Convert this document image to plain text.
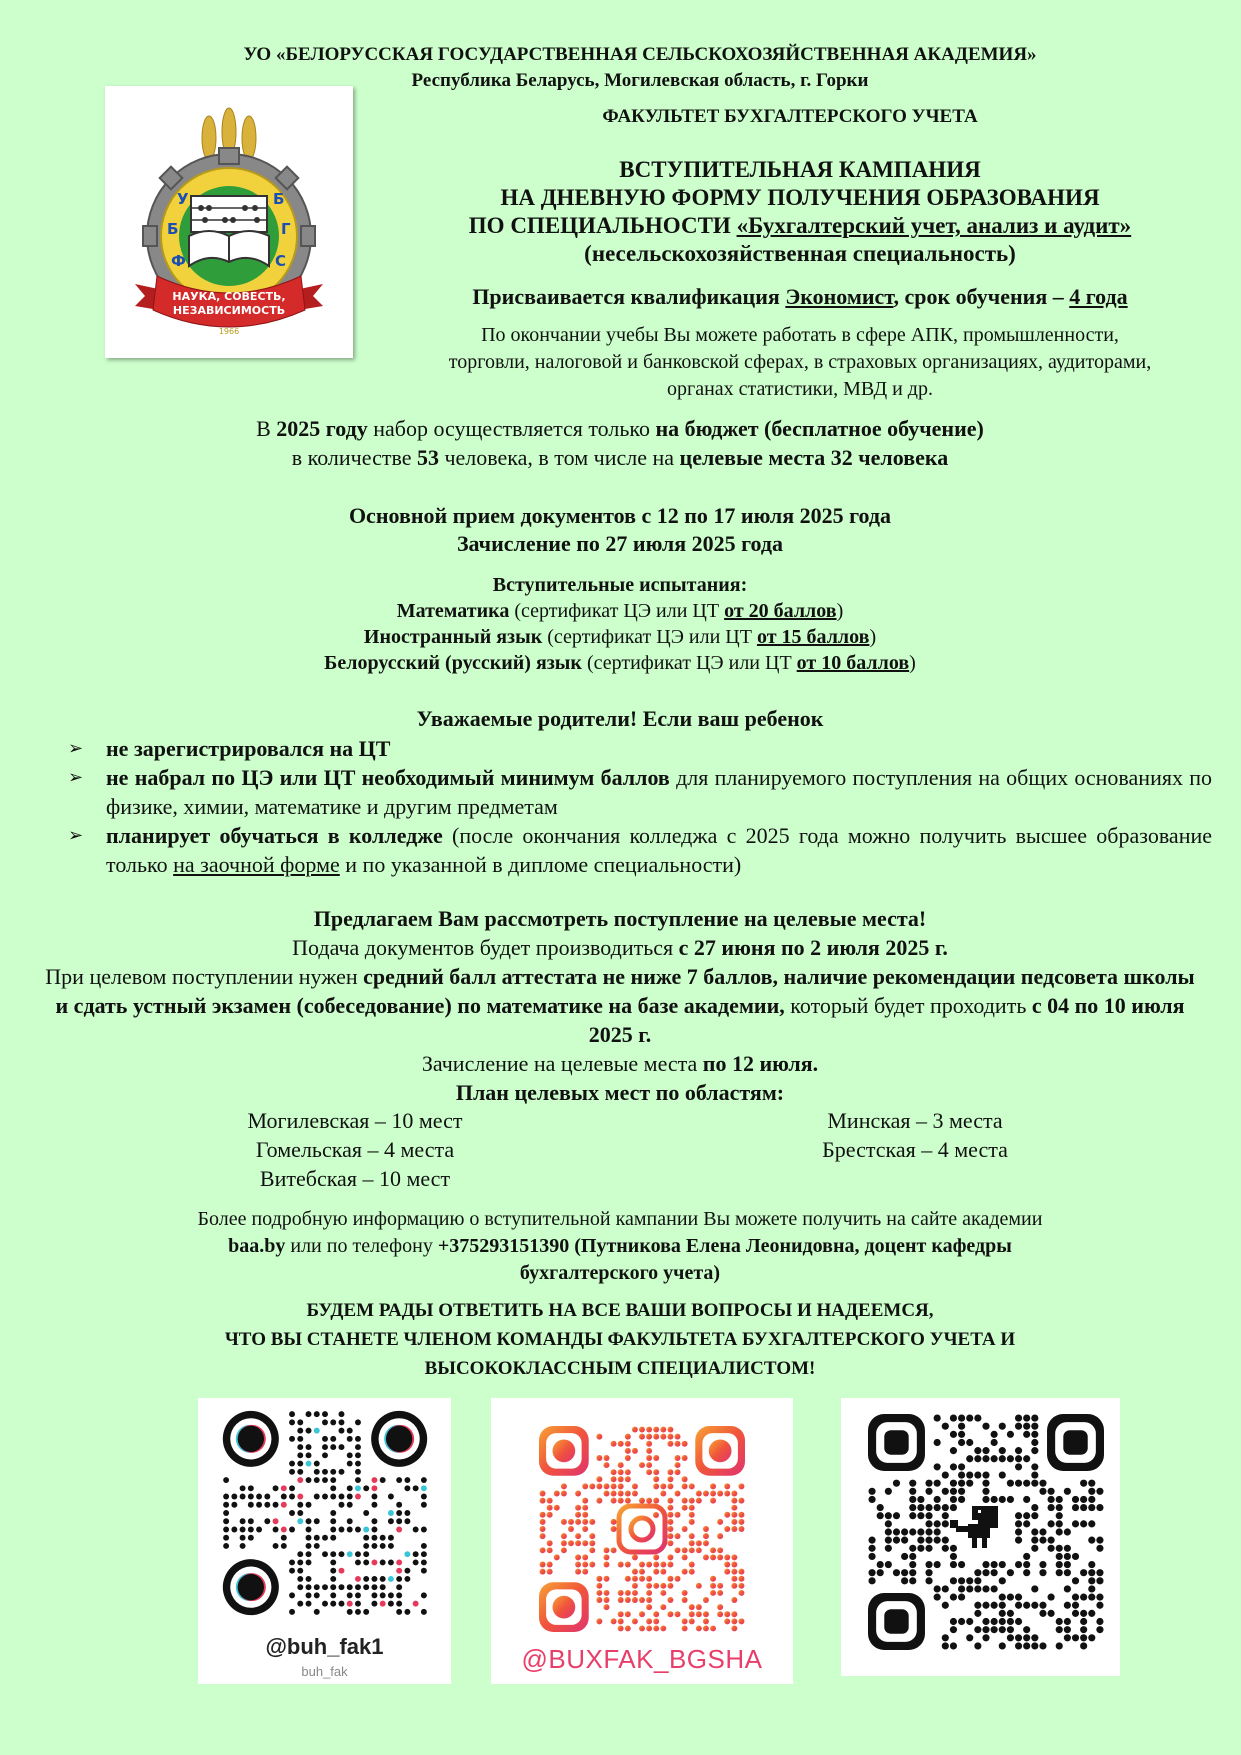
УО «БЕЛОРУССКАЯ ГОСУДАРСТВЕННАЯ СЕЛЬСКОХОЗЯЙСТВЕННАЯ АКАДЕМИЯ»
Республика Беларусь, Могилевская область, г. Горки
ФАКУЛЬТЕТ БУХГАЛТЕРСКОГО УЧЕТА
Ф
Б
У	Б
Г
С
НАУКА, СОВЕСТЬ,
НЕЗАВИСИМОСТЬ
1966
ВСТУПИТЕЛЬНАЯ КАМПАНИЯ
НА ДНЕВНУЮ ФОРМУ ПОЛУЧЕНИЯ ОБРАЗОВАНИЯ
ПО СПЕЦИАЛЬНОСТИ «Бухгалтерский учет, анализ и аудит»
(несельскохозяйственная специальность)
Присваивается квалификация Экономист, срок обучения – 4 года
По окончании учебы Вы можете работать в сфере АПК, промышленности,
торговли, налоговой и банковской сферах, в страховых организациях, аудиторами,
органах статистики, МВД и др.
В 2025 году набор осуществляется только на бюджет (бесплатное обучение)
в количестве 53 человека, в том числе на целевые места 32 человека
Основной прием документов с 12 по 17 июля 2025 года
Зачисление по 27 июля 2025 года
Вступительные испытания:
Математика (сертификат ЦЭ или ЦТ от 20 баллов)
Иностранный язык (сертификат ЦЭ или ЦТ от 15 баллов)
Белорусский (русский) язык (сертификат ЦЭ или ЦТ от 10 баллов)
Уважаемые родители! Если ваш ребенок
➢ не зарегистрировался на ЦТ
➢ не набрал по ЦЭ или ЦТ необходимый минимум баллов для планируемого поступления на общих основаниях по физике, химии, математике и другим предметам
➢ планирует обучаться в колледже (после окончания колледжа с 2025 года можно получить высшее образование только на заочной форме и по указанной в дипломе специальности)
Предлагаем Вам рассмотреть поступление на целевые места!
Подача документов будет производиться с 27 июня по 2 июля 2025 г.
При целевом поступлении нужен средний балл аттестата не ниже 7 баллов, наличие рекомендации педсовета школы и сдать устный экзамен (собеседование) по математике на базе академии, который будет проходить с 04 по 10 июля 2025 г.
Зачисление на целевые места по 12 июля.
План целевых мест по областям:
Могилевская – 10 мест
Гомельская – 4 места
Витебская – 10 мест
Минская – 3 места
Брестская – 4 места
Более подробную информацию о вступительной кампании Вы можете получить на сайте академии
baa.by или по телефону +375293151390 (Путникова Елена Леонидовна, доцент кафедры
бухгалтерского учета)
БУДЕМ РАДЫ ОТВЕТИТЬ НА ВСЕ ВАШИ ВОПРОСЫ И НАДЕЕМСЯ,
ЧТО ВЫ СТАНЕТЕ ЧЛЕНОМ КОМАНДЫ ФАКУЛЬТЕТА БУХГАЛТЕРСКОГО УЧЕТА И
ВЫСОКОКЛАССНЫМ СПЕЦИАЛИСТОМ!
@buh_fak1
buh_fak	@BUXFAK_BGSHA
